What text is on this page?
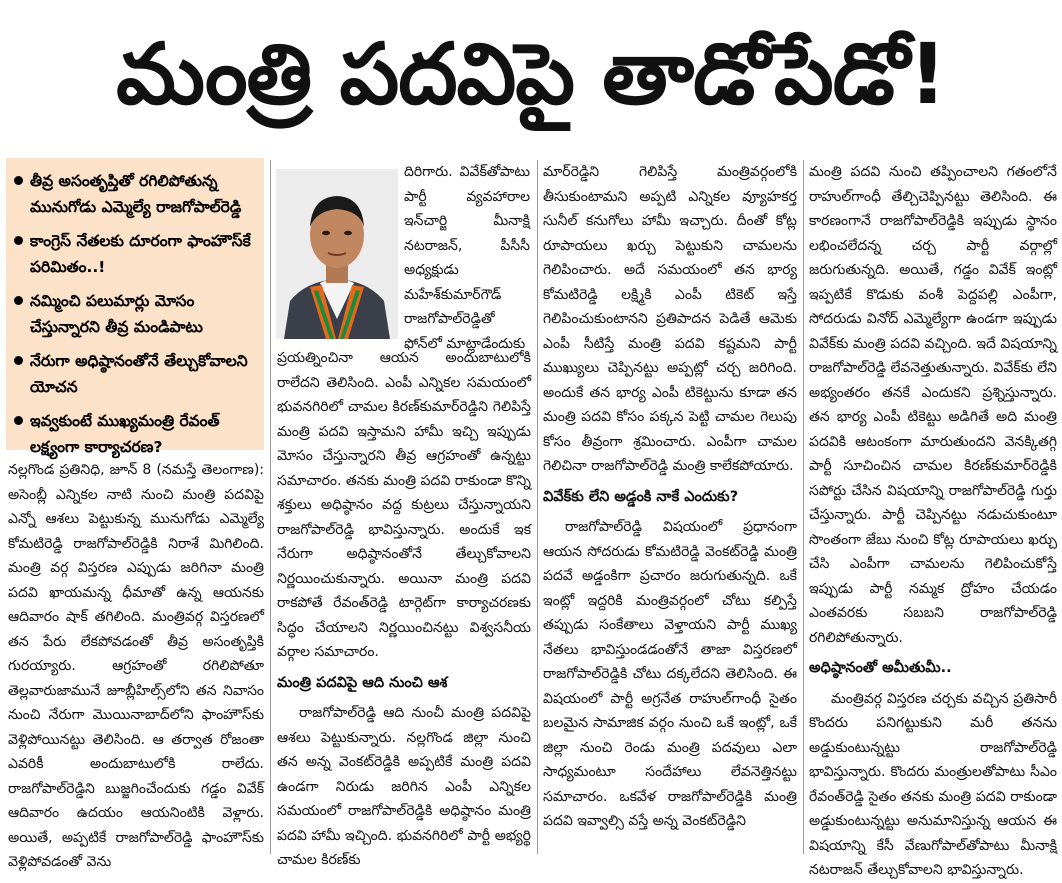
మంత్రి పదవిపై తాడోపేడో!
తీవ్ర అసంతృప్తితో రగిలిపోతున్న మునుగోడు ఎమ్మెల్యే రాజగోపాల్‌రెడ్డి
కాంగ్రెస్ నేతలకు దూరంగా ఫాంహౌస్‌కే పరిమితం..!
నమ్మించి పలుమార్లు మోసం చేస్తున్నారని తీవ్ర మండిపాటు
నేరుగా అధిష్ఠానంతోనే తేల్చుకోవాలని యోచన
ఇవ్వకుంటే ముఖ్యమంత్రి రేవంత్ లక్ష్యంగా కార్యాచరణ?

నల్లగొండ ప్రతినిధి, జూన్ 8 (నమస్తే తెలంగాణ): అసెంబ్లీ ఎన్నికల నాటి నుంచి మంత్రి పదవిపై ఎన్నో ఆశలు పెట్టుకున్న మునుగోడు ఎమ్మెల్యే కోమటిరెడ్డి రాజగోపాల్‌రెడ్డికి నిరాశే మిగిలింది. మంత్రి వర్గ విస్తరణ ఎప్పుడు జరిగినా మంత్రి పదవి ఖాయమన్న ధీమాతో ఉన్న ఆయనకు ఆదివారం షాక్ తగిలింది. మంత్రివర్గ విస్తరణలో తన పేరు లేకపోవడంతో తీవ్ర అసంతృప్తికి గురయ్యారు. ఆగ్రహంతో రగిలిపోతూ తెల్లవారుజామునే జూబ్లీహిల్స్‌లోని తన నివాసం నుంచి నేరుగా మొయినాబాద్‌లోని ఫాంహౌస్‌కు వెళ్లిపోయినట్టు తెలిసింది. ఆ తర్వాత రోజంతా ఎవరికీ అందుబాటులోకి రాలేదు. రాజగోపాల్‌రెడ్డిని బుజ్జగించేందుకు గడ్డం వివేక్ ఆదివారం ఉదయం ఆయనింటికి వెళ్లారు. అయితే, అప్పటికే రాజగోపాల్‌రెడ్డి ఫాంహౌస్‌కు వెళ్లిపోవడంతో వెను

దిరిగారు. వివేక్‌తోపాటు పార్టీ వ్యవహారాల ఇన్‌చార్జి మీనాక్షి నటరాజన్, పీసీసీ అధ్యక్షుడు మహేశ్‌కుమార్‌గౌడ్ రాజగోపాల్‌రెడ్డితో ఫోన్‌లో మాట్లాడేందుకు

ప్రయత్నించినా ఆయన అందుబాటులోకి రాలేదని తెలిసింది. ఎంపీ ఎన్నికల సమయంలో భువనగిరిలో చామల కిరణ్‌కుమార్‌రెడ్డిని గెలిపిస్తే మంత్రి పదవి ఇస్తామని హామీ ఇచ్చి ఇప్పుడు మోసం చేస్తున్నారని తీవ్ర ఆగ్రహంతో ఉన్నట్టు సమాచారం. తనకు మంత్రి పదవి రాకుండా కొన్ని శక్తులు అధిష్ఠానం వద్ద కుట్రలు చేస్తున్నాయని రాజగోపాల్‌రెడ్డి భావిస్తున్నారు. అందుకే ఇక నేరుగా అధిష్ఠానంతోనే తేల్చుకోవాలని నిర్ణయించుకున్నారు. అయినా మంత్రి పదవి రాకపోతే రేవంత్‌రెడ్డి టార్గెట్‌గా కార్యాచరణకు సిద్ధం చేయాలని నిర్ణయించినట్టు విశ్వసనీయ వర్గాల సమాచారం.

మంత్రి పదవిపై ఆది నుంచి ఆశ

రాజగోపాల్‌రెడ్డి ఆది నుంచీ మంత్రి పదవిపై ఆశలు పెట్టుకున్నారు. నల్లగొండ జిల్లా నుంచి తన అన్న వెంకట్‌రెడ్డికి అప్పటికే మంత్రి పదవి ఉండగా నిరుడు జరిగిన ఎంపీ ఎన్నికల సమయంలో రాజగోపాల్‌రెడ్డికి అధిష్ఠానం మంత్రి పదవి హామీ ఇచ్చింది. భువనగిరిలో పార్టీ అభ్యర్థి చామల కిరణ్‌కు

మార్‌రెడ్డిని గెలిపిస్తే మంత్రివర్గంలోకి తీసుకుంటామని అప్పటి ఎన్నికల వ్యూహకర్త సునీల్ కనుగోలు హామీ ఇచ్చారు. దీంతో కోట్ల రూపాయలు ఖర్చు పెట్టుకుని చామలను గెలిపించారు. అదే సమయంలో తన భార్య కోమటిరెడ్డి లక్ష్మికి ఎంపీ టికెట్ ఇస్తే గెలిపించుకుంటానని ప్రతిపాదన పెడితే ఆమెకు ఎంపీ సీటిస్తే మంత్రి పదవి కష్టమని పార్టీ ముఖ్యులు చెప్పినట్టు అప్పట్లో చర్చ జరిగింది. అందుకే తన భార్య ఎంపీ టికెట్టును కూడా తన మంత్రి పదవి కోసం పక్కన పెట్టి చామల గెలుపు కోసం తీవ్రంగా శ్రమించారు. ఎంపీగా చామల గెలిచినా రాజగోపాల్‌రెడ్డి మంత్రి కాలేకపోయారు.

వివేక్‌కు లేని అడ్డంకి నాకే ఎందుకు?

రాజగోపాల్‌రెడ్డి విషయంలో ప్రధానంగా ఆయన సోదరుడు కోమటిరెడ్డి వెంకట్‌రెడ్డి మంత్రి పదవే అడ్డంకిగా ప్రచారం జరుగుతున్నది. ఒకే ఇంట్లో ఇద్దరికి మంత్రివర్గంలో చోటు కల్పిస్తే తప్పుడు సంకేతాలు వెళ్తాయని పార్టీ ముఖ్య నేతలు భావిస్తుండడంతోనే తాజా విస్తరణలో రాజగోపాల్‌రెడ్డికి చోటు దక్కలేదని తెలిసింది. ఈ విషయంలో పార్టీ అగ్రనేత రాహుల్‌గాంధీ సైతం బలమైన సామాజిక వర్గం నుంచి ఒకే ఇంట్లో, ఒకే జిల్లా నుంచి రెండు మంత్రి పదవులు ఎలా సాధ్యమంటూ సందేహాలు లేవనెత్తినట్టు సమాచారం. ఒకవేళ రాజగోపాల్‌రెడ్డికి మంత్రి పదవి ఇవ్వాల్సి వస్తే అన్న వెంకట్‌రెడ్డిని

మంత్రి పదవి నుంచి తప్పించాలని గతంలోనే రాహుల్‌గాంధీ తేల్చిచెప్పినట్టు తెలిసింది. ఈ కారణంగానే రాజగోపాల్‌రెడ్డికి ఇప్పుడు స్థానం లభించలేదన్న చర్చ పార్టీ వర్గాల్లో జరుగుతున్నది. అయితే, గడ్డం వివేక్ ఇంట్లో ఇప్పటికే కొడుకు వంశీ పెద్దపల్లి ఎంపీగా, సోదరుడు వినోద్ ఎమ్మెల్యేగా ఉండగా ఇప్పుడు వివేక్‌కు మంత్రి పదవి వచ్చింది. ఇదే విషయాన్ని రాజగోపాల్‌రెడ్డి లేవనెత్తుతున్నారు. వివేక్‌కు లేని అభ్యంతరం తనకే ఎందుకని ప్రశ్నిస్తున్నారు. తన భార్య ఎంపీ టికెట్టు అడిగితే అది మంత్రి పదవికి ఆటంకంగా మారుతుందని వెనక్కితగ్గి పార్టీ సూచించిన చామల కిరణ్‌కుమార్‌రెడ్డికి సపోర్టు చేసిన విషయాన్ని రాజగోపాల్‌రెడ్డి గుర్తు చేస్తున్నారు. పార్టీ చెప్పినట్టు నడుచుకుంటూ సొంతంగా జేబు నుంచి కోట్ల రూపాయలు ఖర్చు చేసి ఎంపీగా చామలను గెలిపించుకోస్తే ఇప్పుడు పార్టీ నమ్మక ద్రోహం చేయడం ఎంతవరకు సబబని రాజగోపాల్‌రెడ్డి రగిలిపోతున్నారు.

అధిష్ఠానంతో అమీతుమీ..

మంత్రివర్గ విస్తరణ చర్చకు వచ్చిన ప్రతిసారీ కొందరు పనిగట్టుకుని మరీ తనను అడ్డుకుంటున్నట్టు రాజగోపాల్‌రెడ్డి భావిస్తున్నారు. కొందరు మంత్రులతోపాటు సీఎం రేవంత్‌రెడ్డి సైతం తనకు మంత్రి పదవి రాకుండా అడ్డుకుంటున్నట్టు అనుమానిస్తున్న ఆయన ఈ విషయాన్ని కేసీ వేణుగోపాల్‌తోపాటు మీనాక్షి నటరాజన్ తేల్చుకోవాలని భావిస్తున్నారు.
